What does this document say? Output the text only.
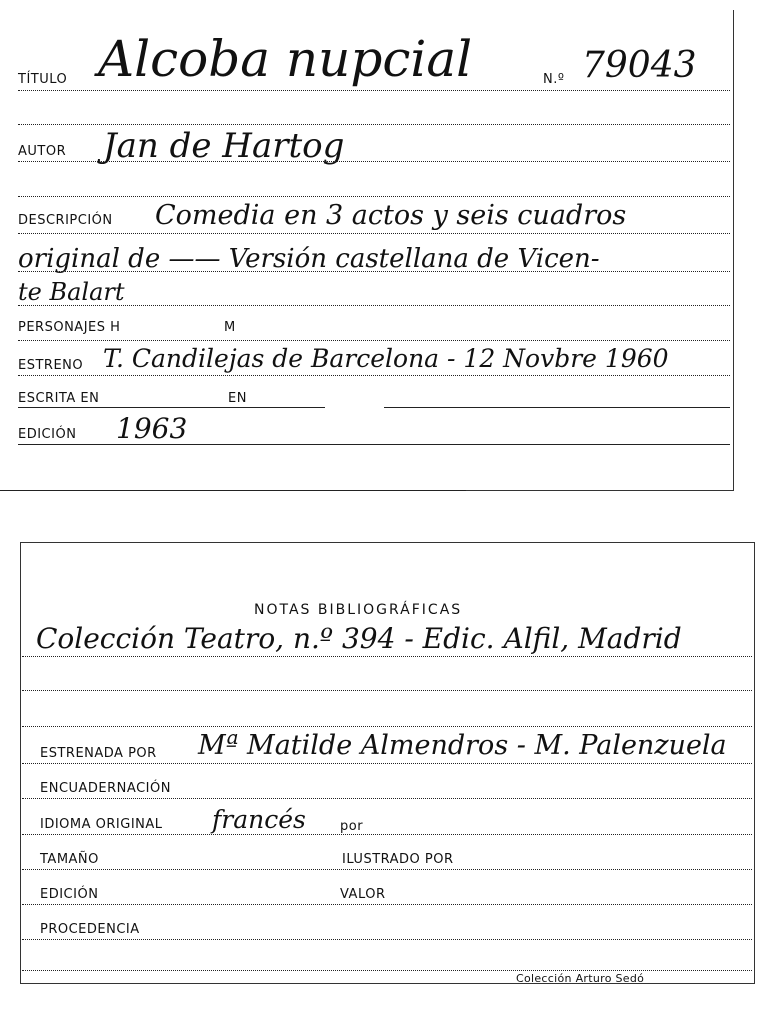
TÍTULO Alcoba nupcial	N.º 79043
AUTOR Jan de Hartog
DESCRIPCIÓN Comedia en 3 actos y seis cuadros
original de —— Versión castellana de Vicen-
te Balart
PERSONAJES H	M
ESTRENO T. Candilejas de Barcelona - 12 Novbre 1960
ESCRITA EN	EN
EDICIÓN 1963
NOTAS BIBLIOGRÁFICAS
Colección Teatro, n.º 394 - Edic. Alfil, Madrid
ESTRENADA POR Mª Matilde Almendros - M. Palenzuela
ENCUADERNACIÓN
IDIOMA ORIGINAL francés	por
TAMAÑO	ILUSTRADO POR
EDICIÓN	VALOR
PROCEDENCIA
Colección Arturo Sedó
